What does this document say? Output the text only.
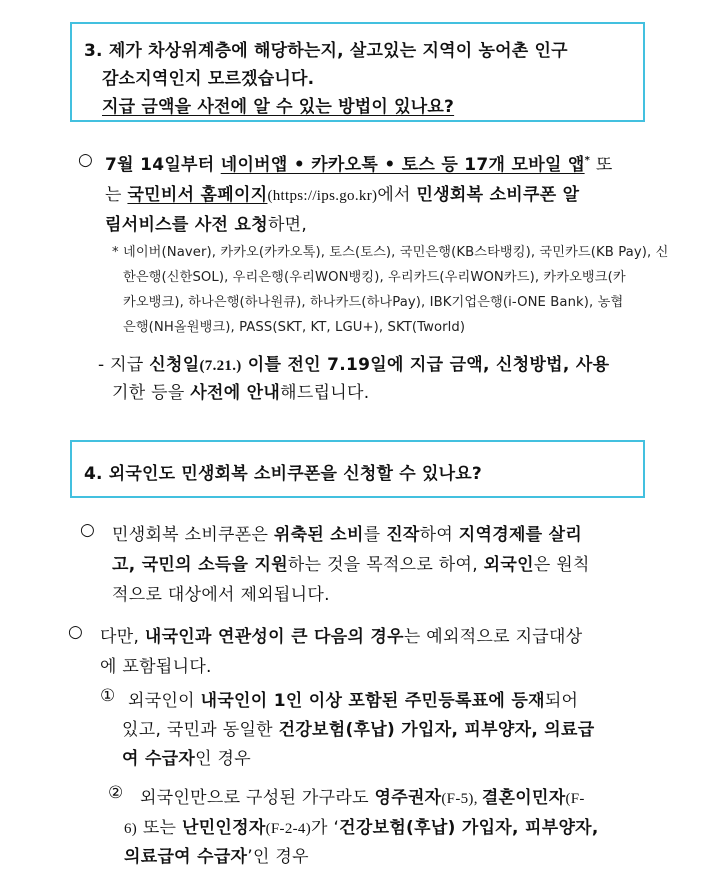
3. 제가 차상위계층에 해당하는지, 살고있는 지역이 농어촌 인구
감소지역인지 모르겠습니다.
지급 금액을 사전에 알 수 있는 방법이 있나요?
○ 7월 14일부터 네이버앱 • 카카오톡 • 토스 등 17개 모바일 앱* 또
는 국민비서 홈페이지(https://ips.go.kr)에서 민생회복 소비쿠폰 알
림서비스를 사전 요청하면,
* 네이버(Naver), 카카오(카카오톡), 토스(토스), 국민은행(KB스타뱅킹), 국민카드(KB Pay), 신
한은행(신한SOL), 우리은행(우리WON뱅킹), 우리카드(우리WON카드), 카카오뱅크(카
카오뱅크), 하나은행(하나원큐), 하나카드(하나Pay), IBK기업은행(i-ONE Bank), 농협
은행(NH올원뱅크), PASS(SKT, KT, LGU+), SKT(Tworld)
- 지급 신청일(7.21.) 이틀 전인 7.19일에 지급 금액, 신청방법, 사용
기한 등을 사전에 안내해드립니다.
4. 외국인도 민생회복 소비쿠폰을 신청할 수 있나요?
○ 민생회복 소비쿠폰은 위축된 소비를 진작하여 지역경제를 살리
고, 국민의 소득을 지원하는 것을 목적으로 하여, 외국인은 원칙
적으로 대상에서 제외됩니다.
○ 다만, 내국인과 연관성이 큰 다음의 경우는 예외적으로 지급대상
에 포함됩니다.
① 외국인이 내국인이 1인 이상 포함된 주민등록표에 등재되어
있고, 국민과 동일한 건강보험(후납) 가입자, 피부양자, 의료급
여 수급자인 경우
② 외국인만으로 구성된 가구라도 영주권자(F-5), 결혼이민자(F-
6) 또는 난민인정자(F-2-4)가 ‘건강보험(후납) 가입자, 피부양자,
의료급여 수급자’인 경우
